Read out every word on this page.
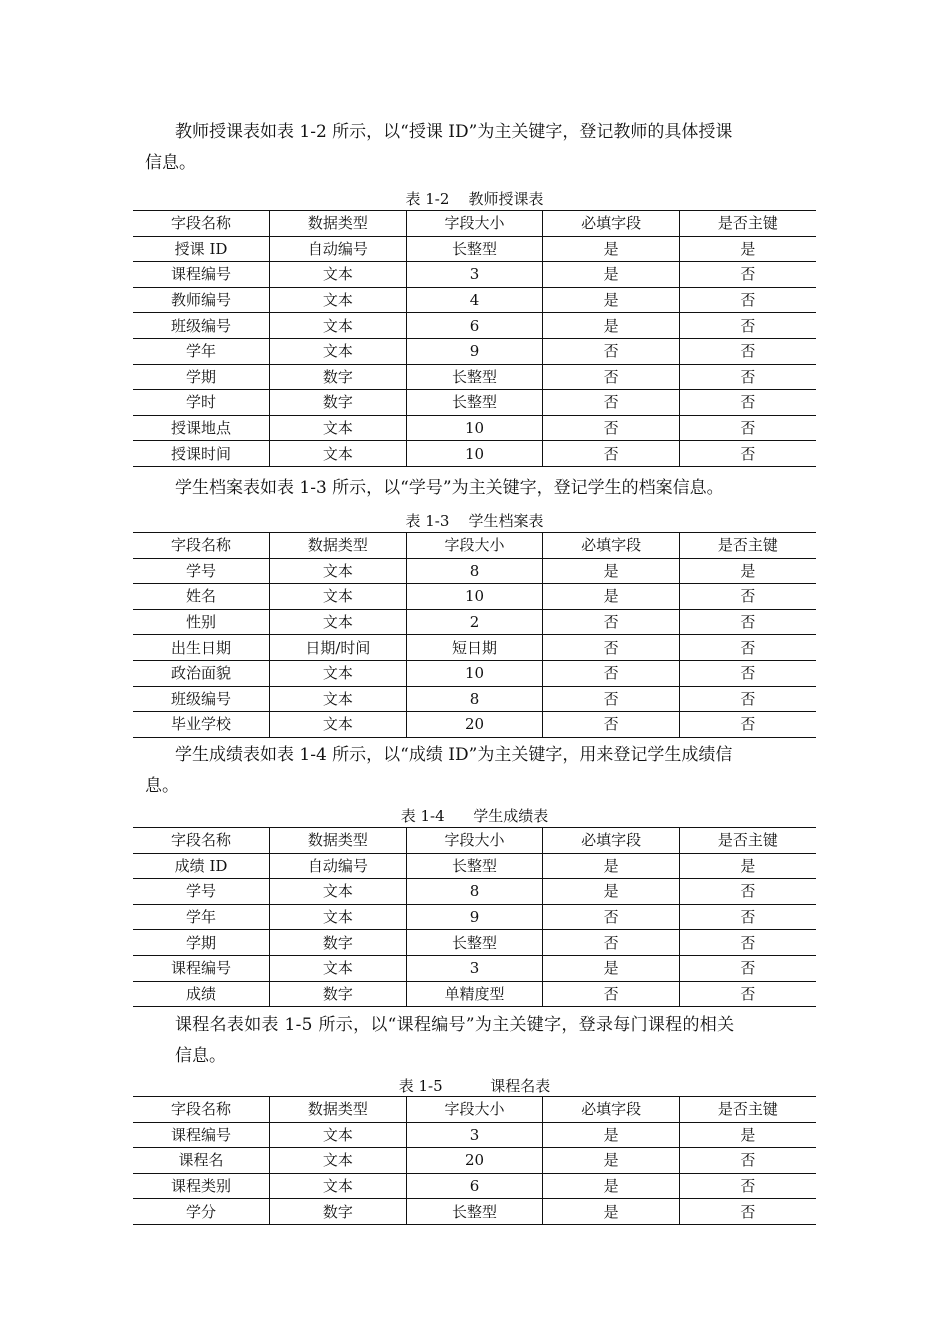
教师授课表如表 1-2 所示，以“授课 ID”为主关键字，登记教师的具体授课
信息。
表 1-2    教师授课表
字段名称	数据类型	字段大小	必填字段	是否主键
授课 ID	自动编号	长整型	是	是
课程编号	文本	3	是	否
教师编号	文本	4	是	否
班级编号	文本	6	是	否
学年	文本	9	否	否
学期	数字	长整型	否	否
学时	数字	长整型	否	否
授课地点	文本	10	否	否
授课时间	文本	10	否	否
学生档案表如表 1-3 所示，以“学号”为主关键字，登记学生的档案信息。
表 1-3    学生档案表
字段名称	数据类型	字段大小	必填字段	是否主键
学号	文本	8	是	是
姓名	文本	10	是	否
性别	文本	2	否	否
出生日期	日期/时间	短日期	否	否
政治面貌	文本	10	否	否
班级编号	文本	8	否	否
毕业学校	文本	20	否	否
学生成绩表如表 1-4 所示，以“成绩 ID”为主关键字，用来登记学生成绩信
息。
表 1-4      学生成绩表
字段名称	数据类型	字段大小	必填字段	是否主键
成绩 ID	自动编号	长整型	是	是
学号	文本	8	是	否
学年	文本	9	否	否
学期	数字	长整型	否	否
课程编号	文本	3	是	否
成绩	数字	单精度型	否	否
课程名表如表 1-5 所示，以“课程编号”为主关键字，登录每门课程的相关
信息。
表 1-5          课程名表
字段名称	数据类型	字段大小	必填字段	是否主键
课程编号	文本	3	是	是
课程名	文本	20	是	否
课程类别	文本	6	是	否
学分	数字	长整型	是	否
